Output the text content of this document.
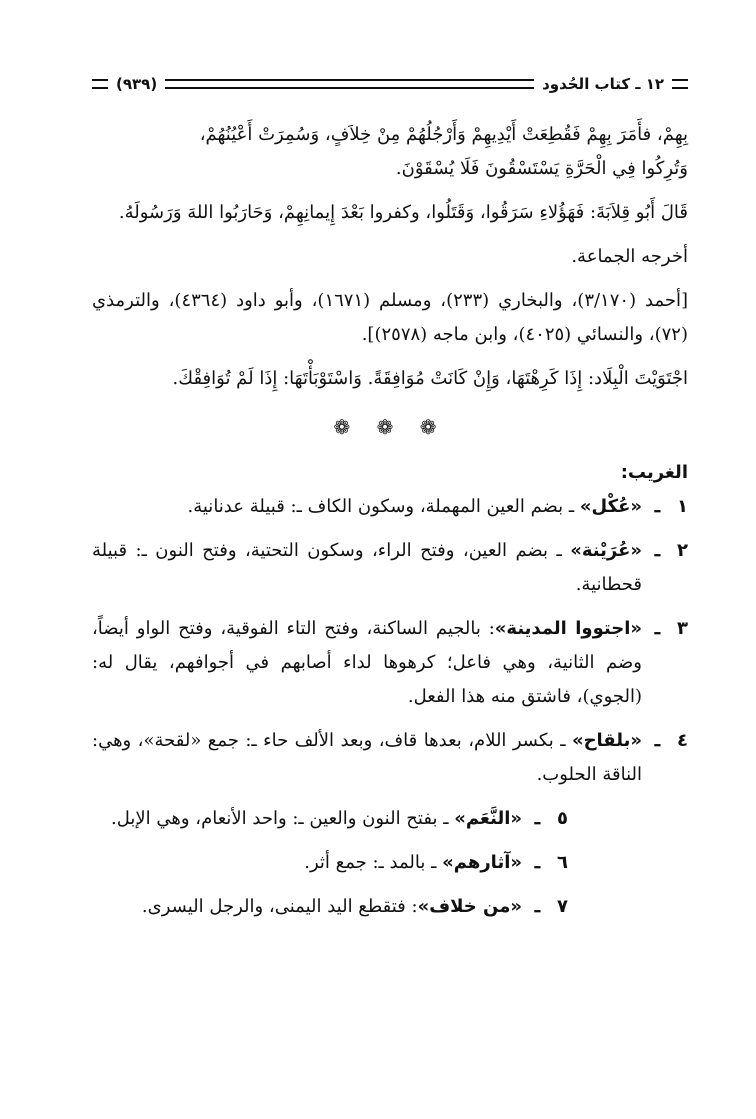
١٢ ـ كتاب الحُدود
(٩٣٩)

بِهِمْ، فأَمَرَ بِهِمْ فَقُطِعَتْ أَيْدِيهِمْ وَأَرْجُلُهُمْ مِنْ خِلاَفٍ، وَسُمِرَتْ أَعْيُنُهُمْ،

وَتُرِكُوا فِي الْحَرَّةِ يَسْتَسْقُونَ فَلَا يُسْقَوْنَ.

قَالَ أَبُو قِلاَبَةَ: فَهَؤُلاءِ سَرَقُوا، وَقَتَلُوا، وكفروا بَعْدَ إِيمانِهِمْ، وَحَارَبُوا اللهَ وَرَسُولَهُ.

أخرجه الجماعة.

[أحمد (٣/١٧٠)، والبخاري (٢٣٣)، ومسلم (١٦٧١)، وأبو داود (٤٣٦٤)، والترمذي (٧٢)، والنسائي (٤٠٢٥)، وابن ماجه (٢٥٧٨)].

اجْتَوَيْتَ الْبِلَاد: إِذَا كَرِهْتَهَا، وَإِنْ كَانَتْ مُوَافِقَةً. وَاسْتَوْبَأْتَهَا: إِذَا لَمْ تُوَافِقْكَ.

❁ ❁ ❁
الغريب:
١
ـ
«عُكْل» ـ بضم العين المهملة، وسكون الكاف ـ: قبيلة عدنانية.
٢
ـ
«عُرَيْنة» ـ بضم العين، وفتح الراء، وسكون التحتية، وفتح النون ـ: قبيلة قحطانية.
٣
ـ
«اجتووا المدينة»: بالجيم الساكنة، وفتح التاء الفوقية، وفتح الواو أيضاً، وضم الثانية، وهي فاعل؛ كرهوها لداء أصابهم في أجوافهم، يقال له: (الجوي)، فاشتق منه هذا الفعل.
٤
ـ
«بلقاح» ـ بكسر اللام، بعدها قاف، وبعد الألف حاء ـ: جمع «لقحة»، وهي: الناقة الحلوب.
٥
ـ
«النَّعَم» ـ بفتح النون والعين ـ: واحد الأنعام، وهي الإبل.
٦
ـ
«آثارهم» ـ بالمد ـ: جمع أثر.
٧
ـ
«من خلاف»: فتقطع اليد اليمنى، والرجل اليسرى.
